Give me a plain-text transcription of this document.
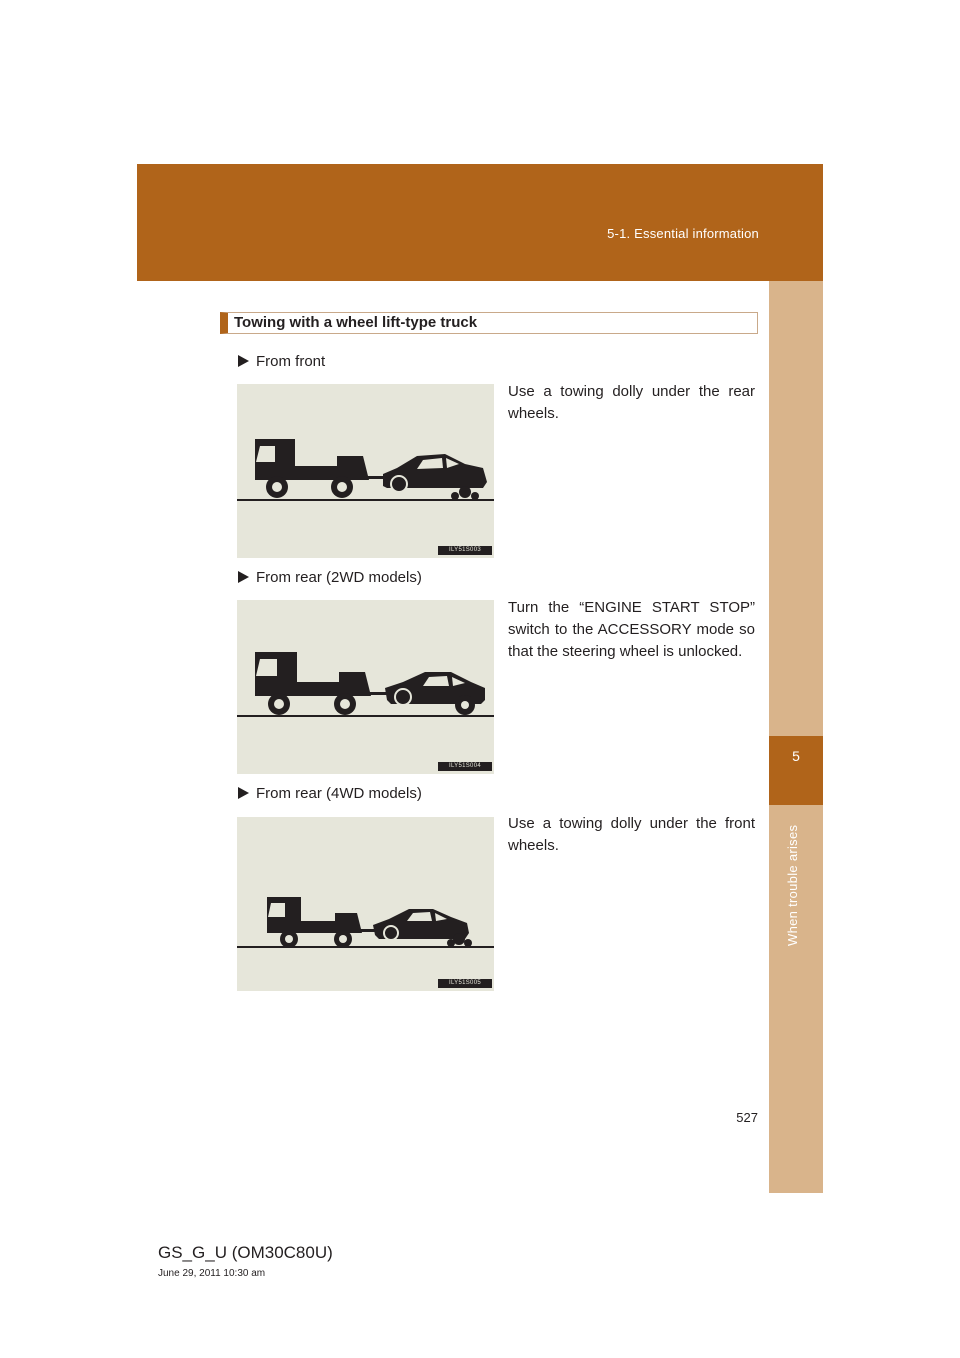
5-1. Essential information
5
When trouble arises
Towing with a wheel lift-type truck
From front
ILY51S003
Use a towing dolly under the rear wheels.
From rear (2WD models)
ILY51S004
Turn the “ENGINE START STOP” switch to the ACCESSORY mode so that the steering wheel is unlocked.
From rear (4WD models)
ILY51S005
Use a towing dolly under the front wheels.
527
GS_G_U (OM30C80U)
June 29, 2011 10:30 am
